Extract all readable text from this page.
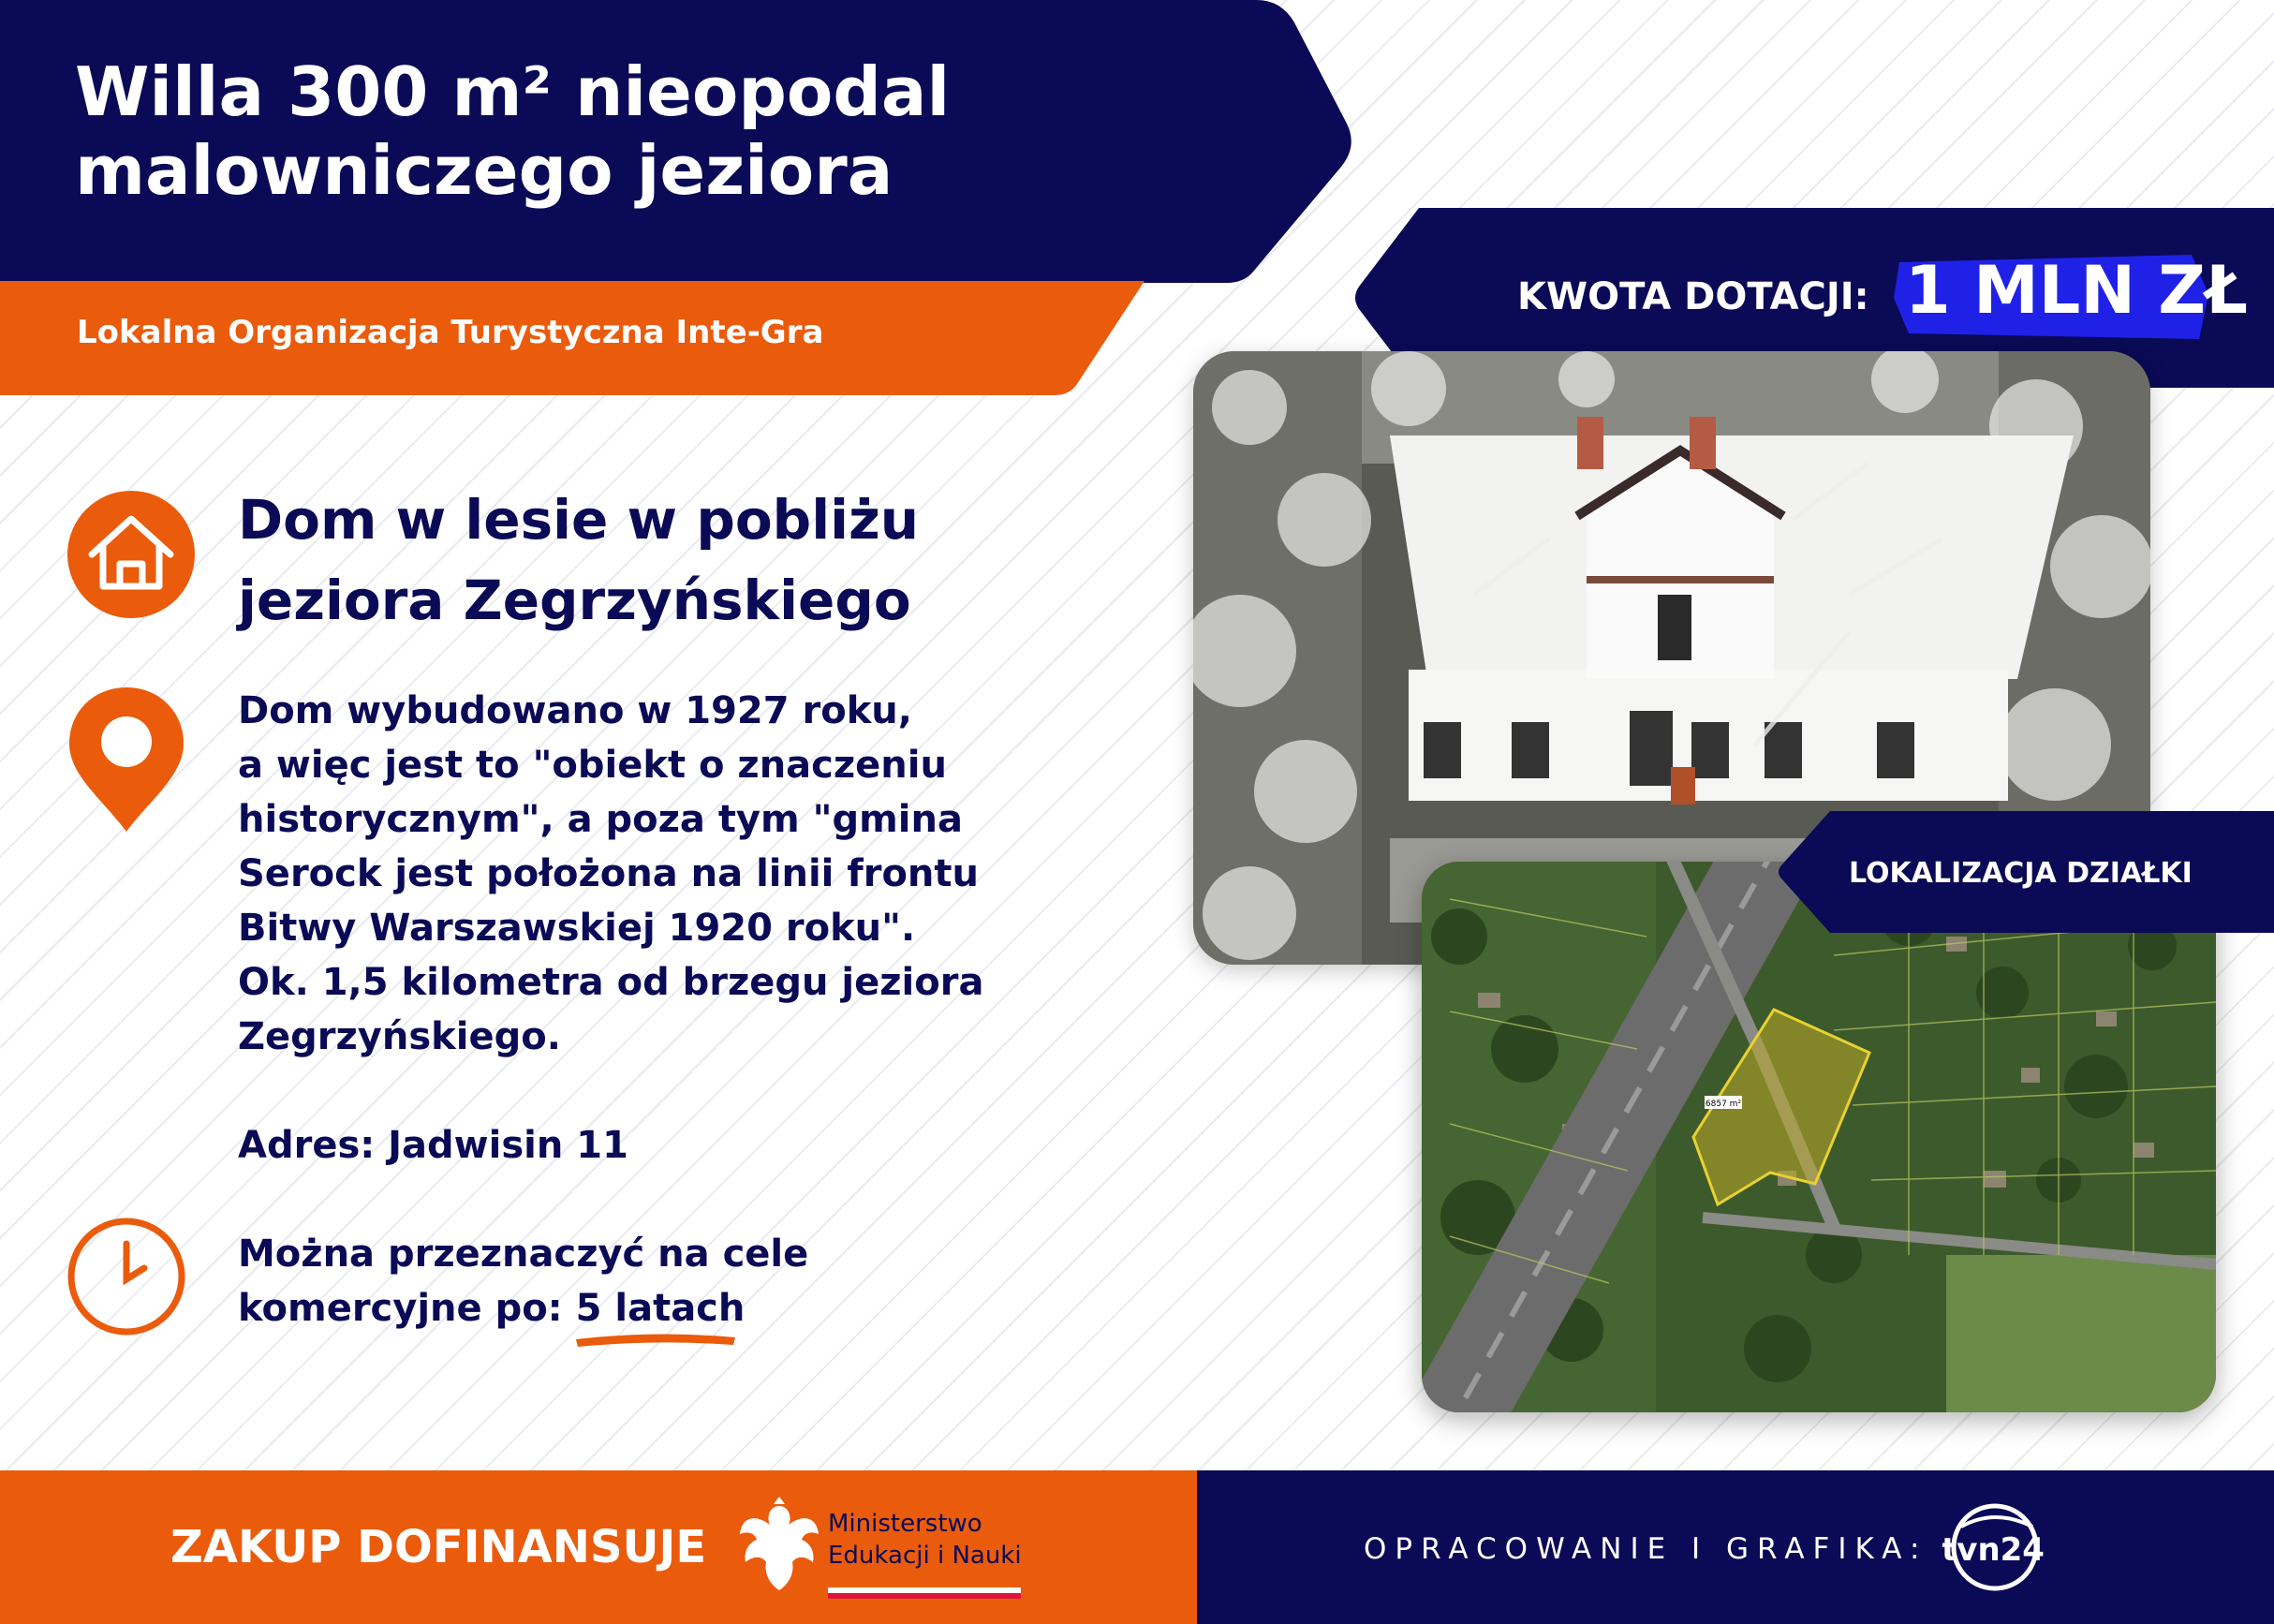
Willa 300 m² nieopodal
malowniczego jeziora
Lokalna Organizacja Turystyczna Inte-Gra
KWOTA DOTACJI: 1 MLN ZŁ
Dom w lesie w pobliżu
jeziora Zegrzyńskiego
Dom wybudowano w 1927 roku,
a więc jest to "obiekt o znaczeniu
historycznym", a poza tym "gmina
Serock jest położona na linii frontu
Bitwy Warszawskiej 1920 roku".
Ok. 1,5 kilometra od brzegu jeziora
Zegrzyńskiego.
Adres: Jadwisin 11
Można przeznaczyć na cele
komercyjne po: 5 latach
6857 m²
LOKALIZACJA DZIAŁKI
ZAKUP DOFINANSUJE	Ministerstwo
Edukacji i Nauki	OPRACOWANIE I GRAFIKA: tvn24
